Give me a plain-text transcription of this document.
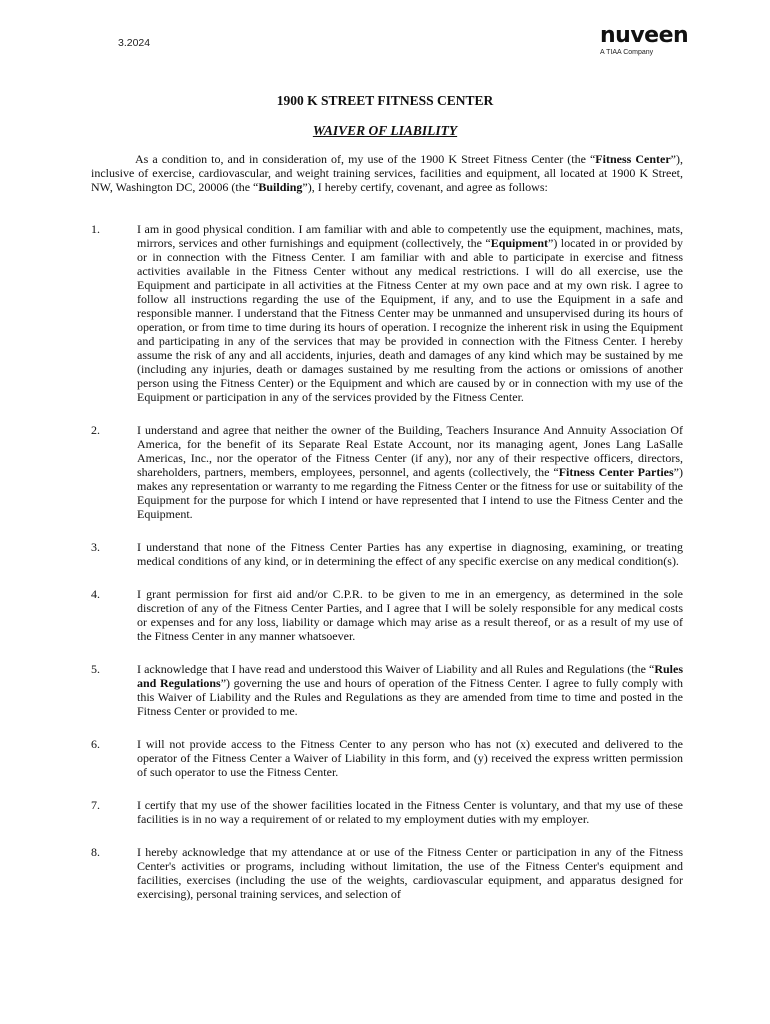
3.2024	nuveen
A TIAA Company
1900 K STREET FITNESS CENTER
WAIVER OF LIABILITY

As a condition to, and in consideration of, my use of the 1900 K Street Fitness Center (the “Fitness Center”), inclusive of exercise, cardiovascular, and weight training services, facilities and equipment, all located at 1900 K Street, NW, Washington DC, 20006 (the “Building”), I hereby certify, covenant, and agree as follows:

1.	I am in good physical condition. I am familiar with and able to competently use the equipment, machines, mats, mirrors, services and other furnishings and equipment (collectively, the “Equipment”) located in or provided by or in connection with the Fitness Center. I am familiar with and able to participate in exercise and fitness activities available in the Fitness Center without any medical restrictions. I will do all exercise, use the Equipment and participate in all activities at the Fitness Center at my own pace and at my own risk. I agree to follow all instructions regarding the use of the Equipment, if any, and to use the Equipment in a safe and responsible manner. I understand that the Fitness Center may be unmanned and unsupervised during its hours of operation, or from time to time during its hours of operation. I recognize the inherent risk in using the Equipment and participating in any of the services that may be provided in connection with the Fitness Center. I hereby assume the risk of any and all accidents, injuries, death and damages of any kind which may be sustained by me (including any injuries, death or damages sustained by me resulting from the actions or omissions of another person using the Fitness Center) or the Equipment and which are caused by or in connection with my use of the Equipment or participation in any of the services provided by the Fitness Center.

2.	I understand and agree that neither the owner of the Building, Teachers Insurance And Annuity Association Of America, for the benefit of its Separate Real Estate Account, nor its managing agent, Jones Lang LaSalle Americas, Inc., nor the operator of the Fitness Center (if any), nor any of their respective officers, directors, shareholders, partners, members, employees, personnel, and agents (collectively, the “Fitness Center Parties”) makes any representation or warranty to me regarding the Fitness Center or the fitness for use or suitability of the Equipment for the purpose for which I intend or have represented that I intend to use the Fitness Center and the Equipment.

3.	I understand that none of the Fitness Center Parties has any expertise in diagnosing, examining, or treating medical conditions of any kind, or in determining the effect of any specific exercise on any medical condition(s).

4.	I grant permission for first aid and/or C.P.R. to be given to me in an emergency, as determined in the sole discretion of any of the Fitness Center Parties, and I agree that I will be solely responsible for any medical costs or expenses and for any loss, liability or damage which may arise as a result thereof, or as a result of my use of the Fitness Center in any manner whatsoever.

5.	I acknowledge that I have read and understood this Waiver of Liability and all Rules and Regulations (the “Rules and Regulations”) governing the use and hours of operation of the Fitness Center. I agree to fully comply with this Waiver of Liability and the Rules and Regulations as they are amended from time to time and posted in the Fitness Center or provided to me.

6.	I will not provide access to the Fitness Center to any person who has not (x) executed and delivered to the operator of the Fitness Center a Waiver of Liability in this form, and (y) received the express written permission of such operator to use the Fitness Center.

7.	I certify that my use of the shower facilities located in the Fitness Center is voluntary, and that my use of these facilities is in no way a requirement of or related to my employment duties with my employer.

8.	I hereby acknowledge that my attendance at or use of the Fitness Center or participation in any of the Fitness Center's activities or programs, including without limitation, the use of the Fitness Center's equipment and facilities, exercises (including the use of the weights, cardiovascular equipment, and apparatus designed for exercising), personal training services, and selection of
